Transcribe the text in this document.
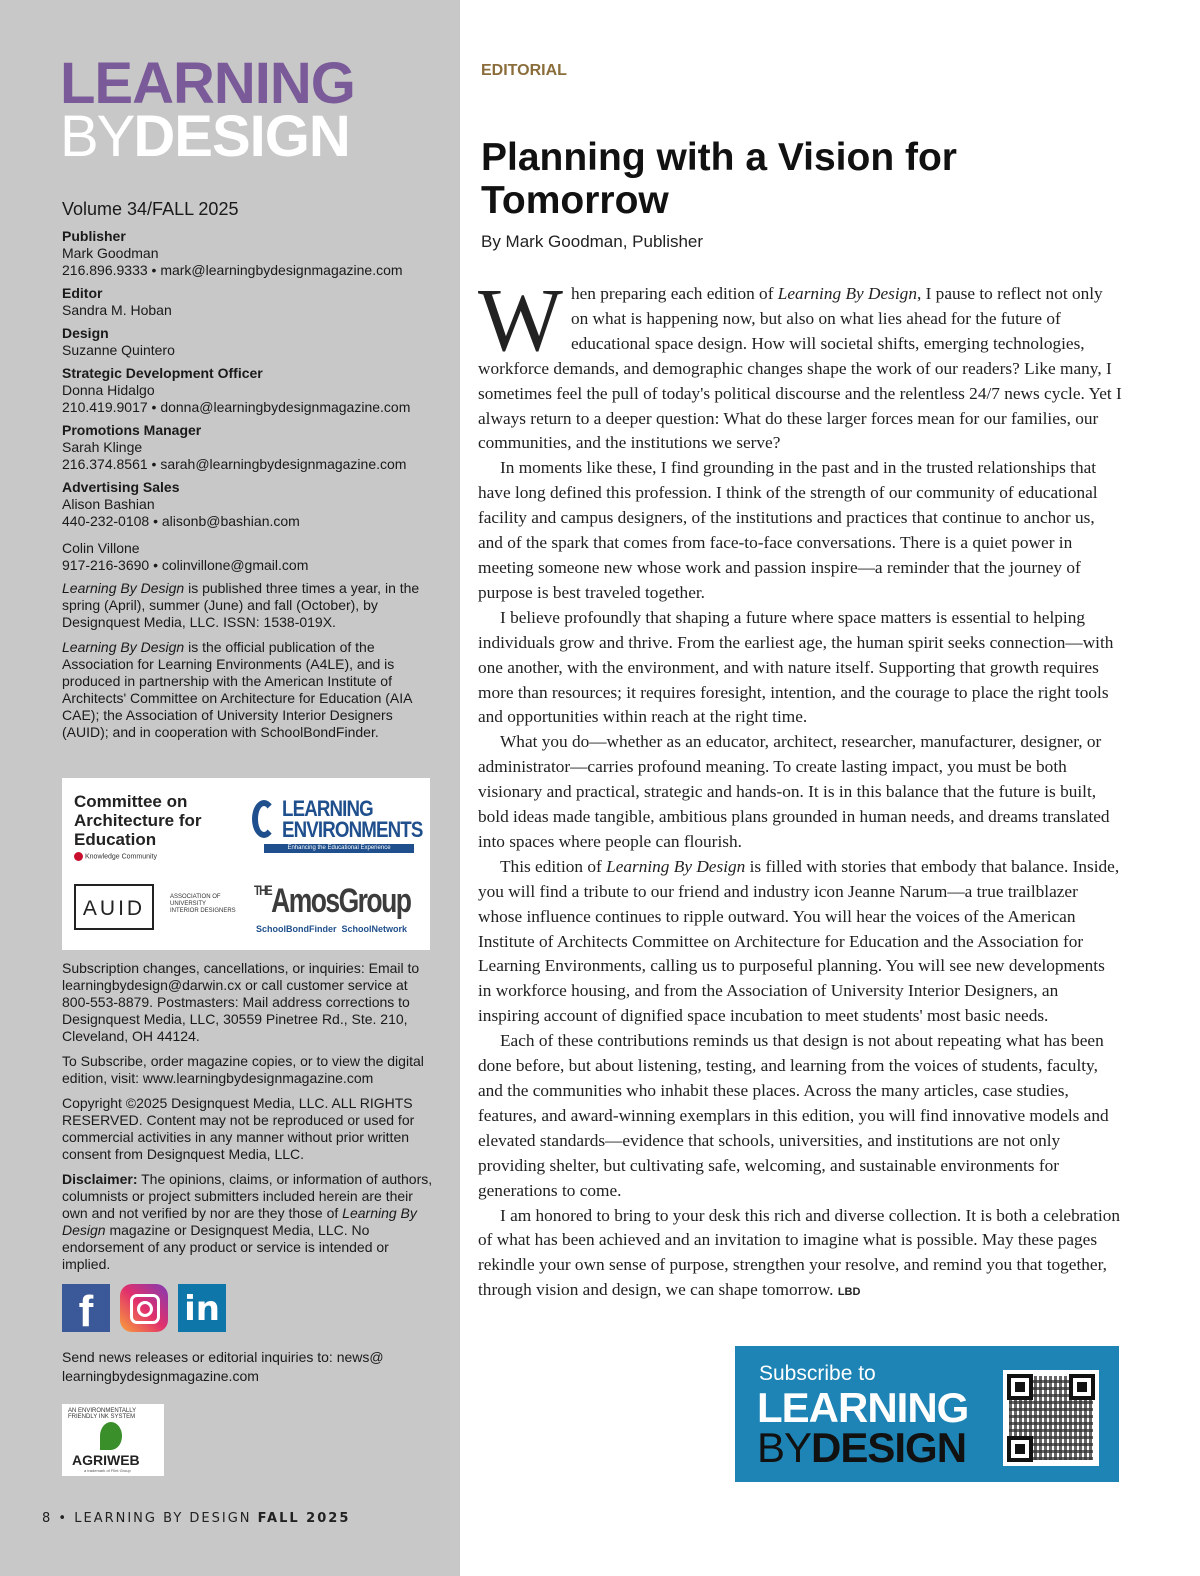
LEARNING
BYDESIGN
Volume 34/FALL 2025
Publisher
Mark Goodman
216.896.9333 • mark@learningbydesignmagazine.com
Editor
Sandra M. Hoban
Design
Suzanne Quintero
Strategic Development Officer
Donna Hidalgo
210.419.9017 • donna@learningbydesignmagazine.com
Promotions Manager
Sarah Klinge
216.374.8561 • sarah@learningbydesignmagazine.com
Advertising Sales
Alison Bashian
440-232-0108 • alisonb@bashian.com
Colin Villone
917-216-3690 • colinvillone@gmail.com
Learning By Design is published three times a year, in the spring (April), summer (June) and fall (October), by Designquest Media, LLC. ISSN: 1538-019X.
Learning By Design is the official publication of the Association for Learning Environments (A4LE), and is produced in partnership with the American Institute of Architects' Committee on Architecture for Education (AIA CAE); the Association of University Interior Designers (AUID); and in cooperation with SchoolBondFinder.
Committee on
Architecture for
Education
Knowledge Community
LEARNING
ENVIRONMENTS
Enhancing the Educational Experience
AUID	ASSOCIATION OF
UNIVERSITY
INTERIOR DESIGNERS
$^{THE}$AmosGroup
SchoolBondFinder SchoolNetwork
Subscription changes, cancellations, or inquiries: Email to learningbydesign@darwin.cx or call customer service at 800-553-8879. Postmasters: Mail address corrections to Designquest Media, LLC, 30559 Pinetree Rd., Ste. 210, Cleveland, OH 44124.
To Subscribe, order magazine copies, or to view the digital edition, visit: www.learningbydesignmagazine.com
Copyright ©2025 Designquest Media, LLC. ALL RIGHTS RESERVED. Content may not be reproduced or used for commercial activities in any manner without prior written consent from Designquest Media, LLC.
Disclaimer: The opinions, claims, or information of authors, columnists or project submitters included herein are their own and not verified by nor are they those of Learning By Design magazine or Designquest Media, LLC. No endorsement of any product or service is intended or implied.
f	in
Send news releases or editorial inquiries to: news@ learningbydesignmagazine.com
AN ENVIRONMENTALLY FRIENDLY INK SYSTEM
AGRIWEB
a trademark of Flint Group
8 • LEARNING BY DESIGN FALL 2025
EDITORIAL
Planning with a Vision for Tomorrow
By Mark Goodman, Publisher

When preparing each edition of Learning By Design, I pause to reflect not only on what is happening now, but also on what lies ahead for the future of educational space design. How will societal shifts, emerging technologies, workforce demands, and demographic changes shape the work of our readers? Like many, I sometimes feel the pull of today's political discourse and the relentless 24/7 news cycle. Yet I always return to a deeper question: What do these larger forces mean for our families, our communities, and the institutions we serve?

In moments like these, I find grounding in the past and in the trusted relationships that have long defined this profession. I think of the strength of our community of educational facility and campus designers, of the institutions and practices that continue to anchor us, and of the spark that comes from face-to-face conversations. There is a quiet power in meeting someone new whose work and passion inspire—a reminder that the journey of purpose is best traveled together.

I believe profoundly that shaping a future where space matters is essential to helping individuals grow and thrive. From the earliest age, the human spirit seeks connection—with one another, with the environment, and with nature itself. Supporting that growth requires more than resources; it requires foresight, intention, and the courage to place the right tools and opportunities within reach at the right time.

What you do—whether as an educator, architect, researcher, manufacturer, designer, or administrator—carries profound meaning. To create lasting impact, you must be both visionary and practical, strategic and hands-on. It is in this balance that the future is built, bold ideas made tangible, ambitious plans grounded in human needs, and dreams translated into spaces where people can flourish.

This edition of Learning By Design is filled with stories that embody that balance. Inside, you will find a tribute to our friend and industry icon Jeanne Narum—a true trailblazer whose influence continues to ripple outward. You will hear the voices of the American Institute of Architects Committee on Architecture for Education and the Association for Learning Environments, calling us to purposeful planning. You will see new developments in workforce housing, and from the Association of University Interior Designers, an inspiring account of dignified space incubation to meet students' most basic needs.

Each of these contributions reminds us that design is not about repeating what has been done before, but about listening, testing, and learning from the voices of students, faculty, and the communities who inhabit these places. Across the many articles, case studies, features, and award-winning exemplars in this edition, you will find innovative models and elevated standards—evidence that schools, universities, and institutions are not only providing shelter, but cultivating safe, welcoming, and sustainable environments for generations to come.

I am honored to bring to your desk this rich and diverse collection. It is both a celebration of what has been achieved and an invitation to imagine what is possible. May these pages rekindle your own sense of purpose, strengthen your resolve, and remind you that together, through vision and design, we can shape tomorrow. LBD

Subscribe to
LEARNING
BYDESIGN
